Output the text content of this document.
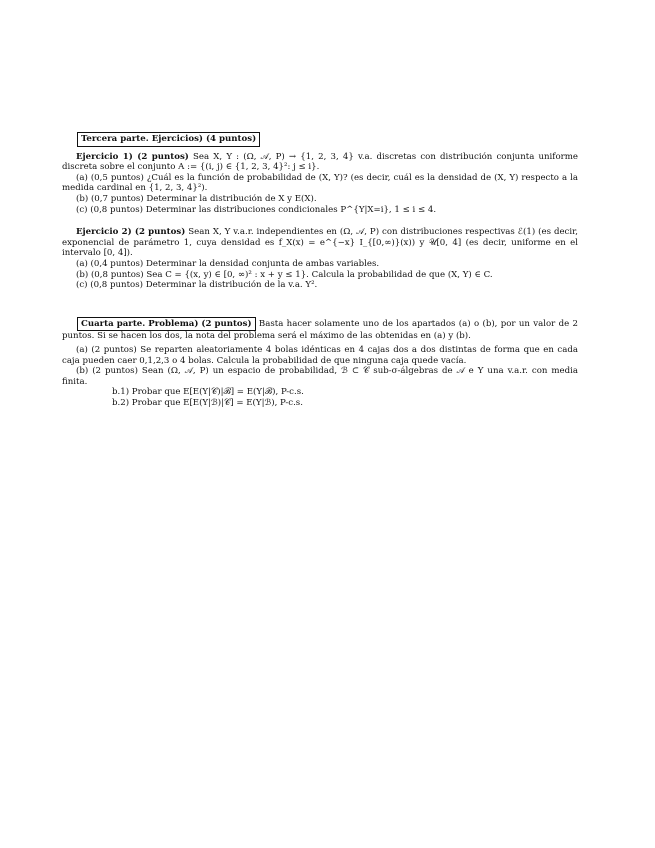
Tercera parte. Ejercicios) (4 puntos)

Ejercicio 1) (2 puntos) Sea X, Y : (Ω, 𝒜, P) → {1, 2, 3, 4} v.a. discretas con distribución conjunta uniforme discreta sobre el conjunto A := {(i, j) ∈ {1, 2, 3, 4}²: j ≤ i}.

(a) (0,5 puntos) ¿Cuál es la función de probabilidad de (X, Y)? (es decir, cuál es la densidad de (X, Y) respecto a la medida cardinal en {1, 2, 3, 4}²).

(b) (0,7 puntos) Determinar la distribución de X y E(X).

(c) (0,8 puntos) Determinar las distribuciones condicionales P^{Y|X=i}, 1 ≤ i ≤ 4.

Ejercicio 2) (2 puntos) Sean X, Y v.a.r. independientes en (Ω, 𝒜, P) con distribuciones respectivas ℰ(1) (es decir, exponencial de parámetro 1, cuya densidad es f_X(x) = e^{−x} I_{[0,∞)}(x)) y 𝒰[0, 4] (es decir, uniforme en el intervalo [0, 4]).

(a) (0,4 puntos) Determinar la densidad conjunta de ambas variables.

(b) (0,8 puntos) Sea C = {(x, y) ∈ [0, ∞)² : x + y ≤ 1}. Calcula la probabilidad de que (X, Y) ∈ C.

(c) (0,8 puntos) Determinar la distribución de la v.a. Y².

Cuarta parte. Problema) (2 puntos) Basta hacer solamente uno de los apartados (a) o (b), por un valor de 2 puntos. Si se hacen los dos, la nota del problema será el máximo de las obtenidas en (a) y (b).

(a) (2 puntos) Se reparten aleatoriamente 4 bolas idénticas en 4 cajas dos a dos distintas de forma que en cada caja pueden caer 0,1,2,3 o 4 bolas. Calcula la probabilidad de que ninguna caja quede vacía.

(b) (2 puntos) Sean (Ω, 𝒜, P) un espacio de probabilidad, ℬ ⊂ 𝒞 sub-σ-álgebras de 𝒜 e Y una v.a.r. con media finita.

b.1) Probar que E[E(Y|𝒞)|ℬ] = E(Y|ℬ), P-c.s.

b.2) Probar que E[E(Y|ℬ)|𝒞] = E(Y|ℬ), P-c.s.
